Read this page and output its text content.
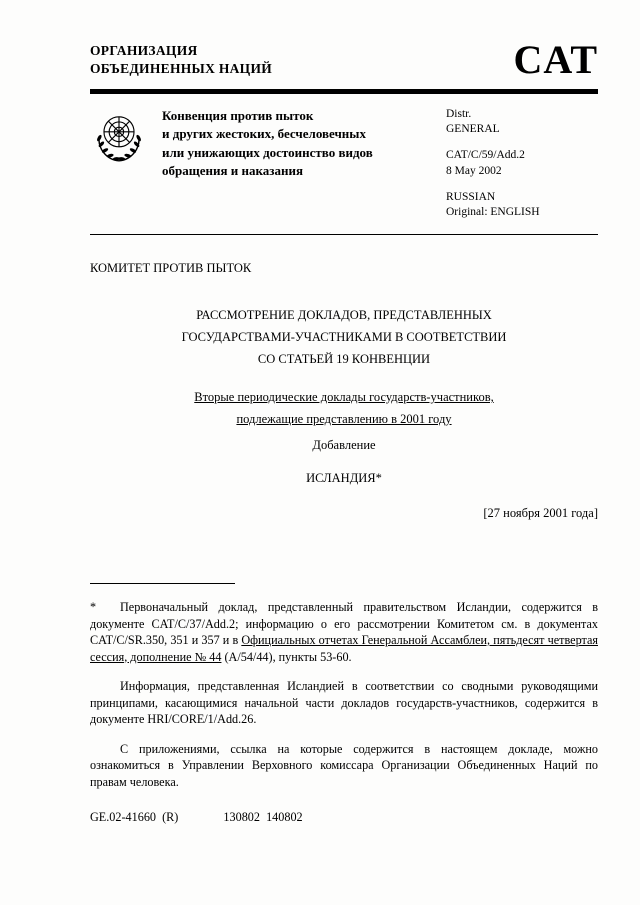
ОРГАНИЗАЦИЯ
ОБЪЕДИНЕННЫХ НАЦИЙ	CAT
Конвенция против пыток
и других жестоких, бесчеловечных
или унижающих достоинство видов
обращения и наказания
Distr.
GENERAL
CAT/C/59/Add.2
8 May 2002
RUSSIAN
Original: ENGLISH

КОМИТЕТ ПРОТИВ ПЫТОК

РАССМОТРЕНИЕ ДОКЛАДОВ, ПРЕДСТАВЛЕННЫХ
ГОСУДАРСТВАМИ-УЧАСТНИКАМИ В СООТВЕТСТВИИ
СО СТАТЬЕЙ 19 КОНВЕНЦИИ
Вторые периодические доклады государств-участников,
подлежащие представлению в 2001 году

Добавление

ИСЛАНДИЯ*

[27 ноября 2001 года]

* Первоначальный доклад, представленный правительством Исландии, содержится в документе CAT/C/37/Add.2; информацию о его рассмотрении Комитетом см. в документах CAT/C/SR.350, 351 и 357 и в Официальных отчетах Генеральной Ассамблеи, пятьдесят четвертая сессия, дополнение № 44 (А/54/44), пункты 53-60.

Информация, представленная Исландией в соответствии со сводными руководящими принципами, касающимися начальной части докладов государств-участников, содержится в документе HRI/CORE/1/Add.26.

С приложениями, ссылка на которые содержится в настоящем докладе, можно ознакомиться в Управлении Верховного комиссара Организации Объединенных Наций по правам человека.

GE.02-41660  (R)	130802  140802
